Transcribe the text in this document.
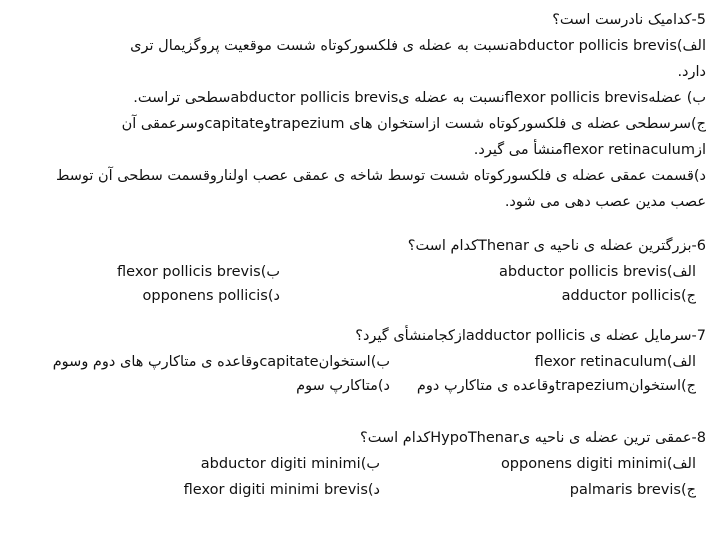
5-کدامیک نادرست است؟
الف)abductor pollicis brevisنسبت به عضله ی فلکسورکوتاه شست موقعیت پروگزیمال تری
دارد.
ب) عضلهflexor pollicis brevisنسبت به عضله یabductor pollicis brevisسطحی تراست.
ج)سرسطحی عضله ی فلکسورکوتاه شست ازاستخوان های trapeziumوcapitateوسرعمقی آن
ازflexor retinaculumمنشأ می گیرد.
د)قسمت عمقی عضله ی فلکسورکوتاه شست توسط شاخه ی عمقی عصب اولناروقسمت سطحی آن توسط
عصب مدین عصب دهی می شود.
6-بزرگترین عضله ی ناحیه ی Thenarکدام است؟
الف)abductor pollicis brevis
ب)flexor pollicis brevis
ج)adductor pollicis
د)opponens pollicis
7-سرمایل عضله ی adductor pollicisازکجامنشأی گیرد؟
الف)flexor retinaculum
ب)استخوانcapitateوقاعده ی متاکارپ های دوم وسوم
ج)استخوانtrapeziumوقاعده ی متاکارپ دوم
د)متاکارپ سوم
8-عمقی ترین عضله ی ناحیه یHypoThenarکدام است؟
الف)opponens digiti minimi
ب)abductor digiti minimi
ج)palmaris brevis
د)flexor digiti minimi brevis
